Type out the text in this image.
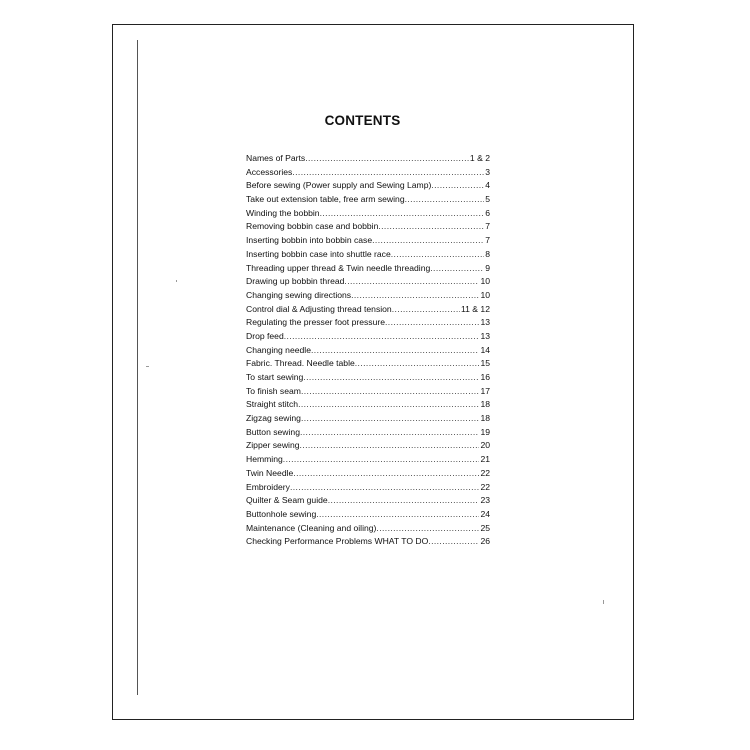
CONTENTS
Names of Parts .....	1 & 2
Accessories .....	3
Before sewing (Power supply and Sewing Lamp) .....	4
Take out extension table, free arm sewing .....	5
Winding the bobbin .....	6
Removing bobbin case and bobbin .....	7
Inserting bobbin into bobbin case .....	7
Inserting bobbin case into shuttle race .....	8
Threading upper thread & Twin needle threading .....	9
Drawing up bobbin thread .....	10
Changing sewing directions .....	10
Control dial & Adjusting thread tension .....	11 & 12
Regulating the presser foot pressure .....	13
Drop feed .....	13
Changing needle .....	14
Fabric. Thread. Needle table .....	15
To start sewing .....	16
To finish seam .....	17
Straight stitch .....	18
Zigzag sewing .....	18
Button sewing .....	19
Zipper sewing .....	20
Hemming .....	21
Twin Needle .....	22
Embroidery .....	22
Quilter & Seam guide .....	23
Buttonhole sewing .....	24
Maintenance (Cleaning and oiling) .....	25
Checking Performance Problems WHAT TO DO .....	26
